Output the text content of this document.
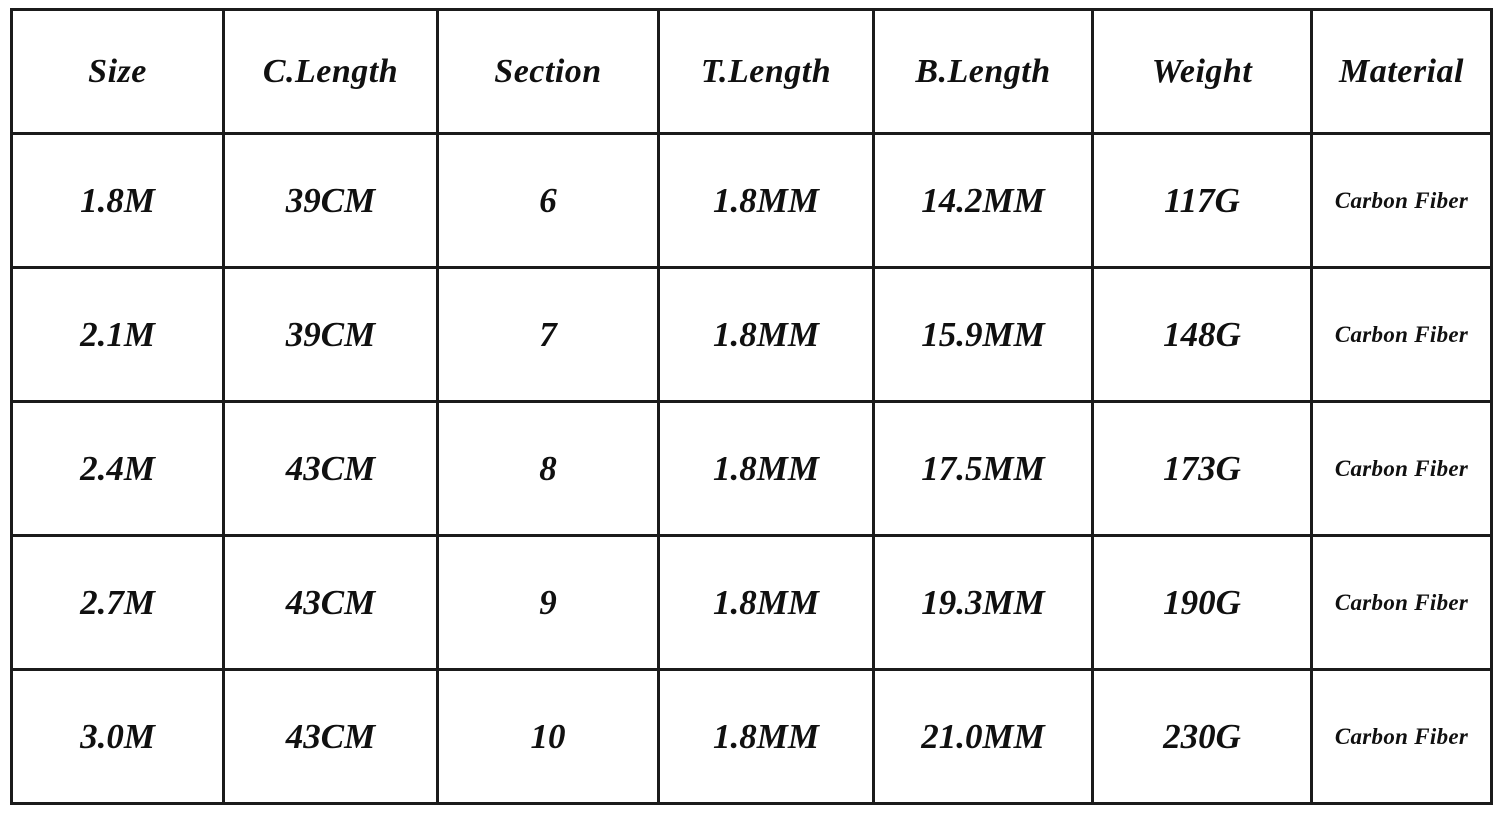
Size	C.Length	Section	T.Length	B.Length	Weight	Material
1.8M	39CM	6	1.8MM	14.2MM	117G	Carbon Fiber
2.1M	39CM	7	1.8MM	15.9MM	148G	Carbon Fiber
2.4M	43CM	8	1.8MM	17.5MM	173G	Carbon Fiber
2.7M	43CM	9	1.8MM	19.3MM	190G	Carbon Fiber
3.0M	43CM	10	1.8MM	21.0MM	230G	Carbon Fiber
